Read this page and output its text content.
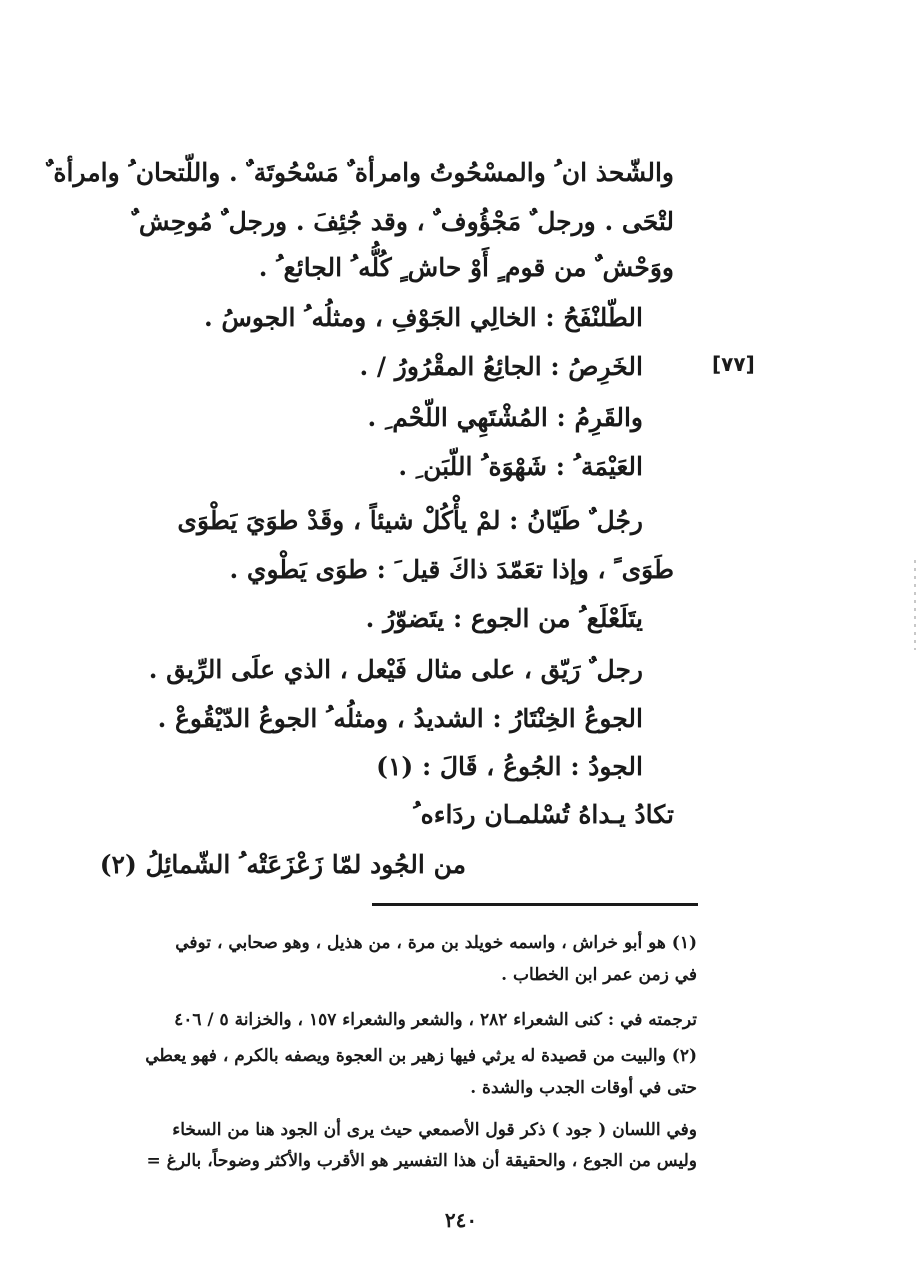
والشّحذ ان ُ والمسْحُوتُ وامرأة ٌ مَسْحُوتَة ٌ . واللّتحان ُ وامرأة ٌ
لتْحَى . ورجل ٌ مَجْؤُوف ٌ ، وقد جُئِفَ . ورجل ٌ مُوحِش ٌ
ووَحْش ٌ من قوم ٍ أَوْ حاش ٍ كُلُّه ُ الجائع ُ .
الطّلنْفَحُ : الخالِي الجَوْفِ ، ومثلُه ُ الجوسُ .
[٧٧]
الخَرِصُ : الجائِعُ المقْرُورُ / .
والقَرِمُ : المُشْتَهِي اللّحْم ِ .
العَيْمَة ُ : شَهْوَة ُ اللّبَن ِ .
رجُل ٌ طَيّانُ : لمْ يأْكُلْ شيئاً ، وقَدْ طوَيَ يَطْوَى
طَوَى ً ، وإذا تعَمّدَ ذاكَ قيل َ : طوَى يَطْوي .
يتَلَعْلَع ُ من الجوع : يتَضوّرُ .
رجل ٌ رَيّق ، على مثال فَيْعل ، الذي علَى الرِّيق .
الجوعُ الخِنْتَارُ : الشديدُ ، ومثلُه ُ الجوعُ الدّيْقُوعْ .
الجودُ : الجُوعُ ، قَالَ : (١)
تكادُ يـداهُ تُسْلمـان ردَاءه ُ
من الجُود لمّا زَعْزَعَتْه ُ الشّمائِلُ (٢)
(١) هو أبو خراش ، واسمه خويلد بن مرة ، من هذيل ، وهو صحابي ، توفي
في زمن عمر ابن الخطاب .
ترجمته في : كنى الشعراء ٢٨٢ ، والشعر والشعراء ١٥٧ ، والخزانة ٥ / ٤٠٦
(٢) والبيت من قصيدة له يرثي فيها زهير بن العجوة ويصفه بالكرم ، فهو يعطي
حتى في أوقات الجدب والشدة .
وفي اللسان ( جود ) ذكر قول الأصمعي حيث يرى أن الجود هنا من السخاء
وليس من الجوع ، والحقيقة أن هذا التفسير هو الأقرب والأكثر وضوحاً، بالرغ =
٢٤٠
